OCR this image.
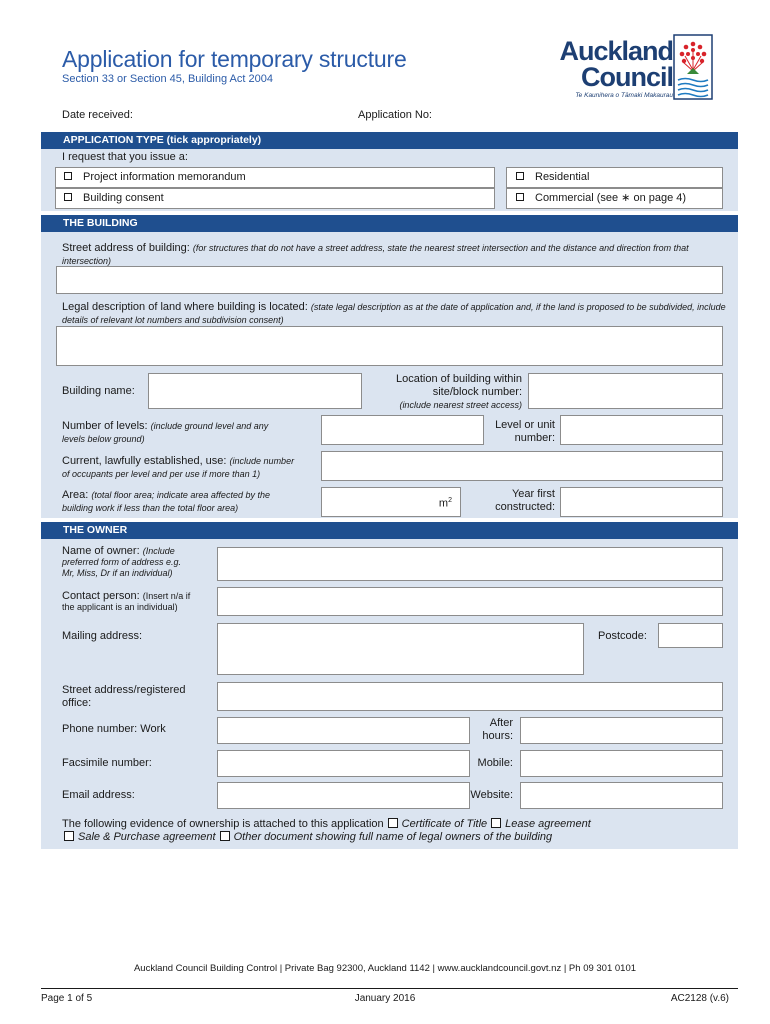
Application for temporary structure
Section 33 or Section 45, Building Act 2004
Auckland
Council
Te Kaunihera o Tāmaki Makaurau
Date received:	Application No:
APPLICATION TYPE (tick appropriately)
I request that you issue a:
Project information memorandum
Building consent
Residential
Commercial (see ∗ on page 4)
THE BUILDING
Street address of building: (for structures that do not have a street address, state the nearest street intersection and the distance and direction from that intersection)
Legal description of land where building is located: (state legal description as at the date of application and, if the land is proposed to be subdivided, include details of relevant lot numbers and subdivision consent)
Building name:
Location of building within
site/block number:
(include nearest street access)
Number of levels: (include ground level and any
levels below ground)
Level or unit
number:
Current, lawfully established, use: (include number
of occupants per level and per use if more than 1)
Area: (total floor area; indicate area affected by the
building work if less than the total floor area)	$m^2$
Year first
constructed:
THE OWNER
Name of owner: (Include
preferred form of address e.g.
Mr, Miss, Dr if an individual)
Contact person: (Insert n/a if
the applicant is an individual)
Mailing address:	Postcode:
Street address/registered
office:
Phone number: Work	After
hours:
Facsimile number:	Mobile:
Email address:	Website:
The following evidence of ownership is attached to this application Certificate of Title Lease agreement
Sale & Purchase agreement Other document showing full name of legal owners of the building
Auckland Council Building Control | Private Bag 92300, Auckland 1142 | www.aucklandcouncil.govt.nz | Ph 09 301 0101
Page 1 of 5	January 2016	AC2128 (v.6)
